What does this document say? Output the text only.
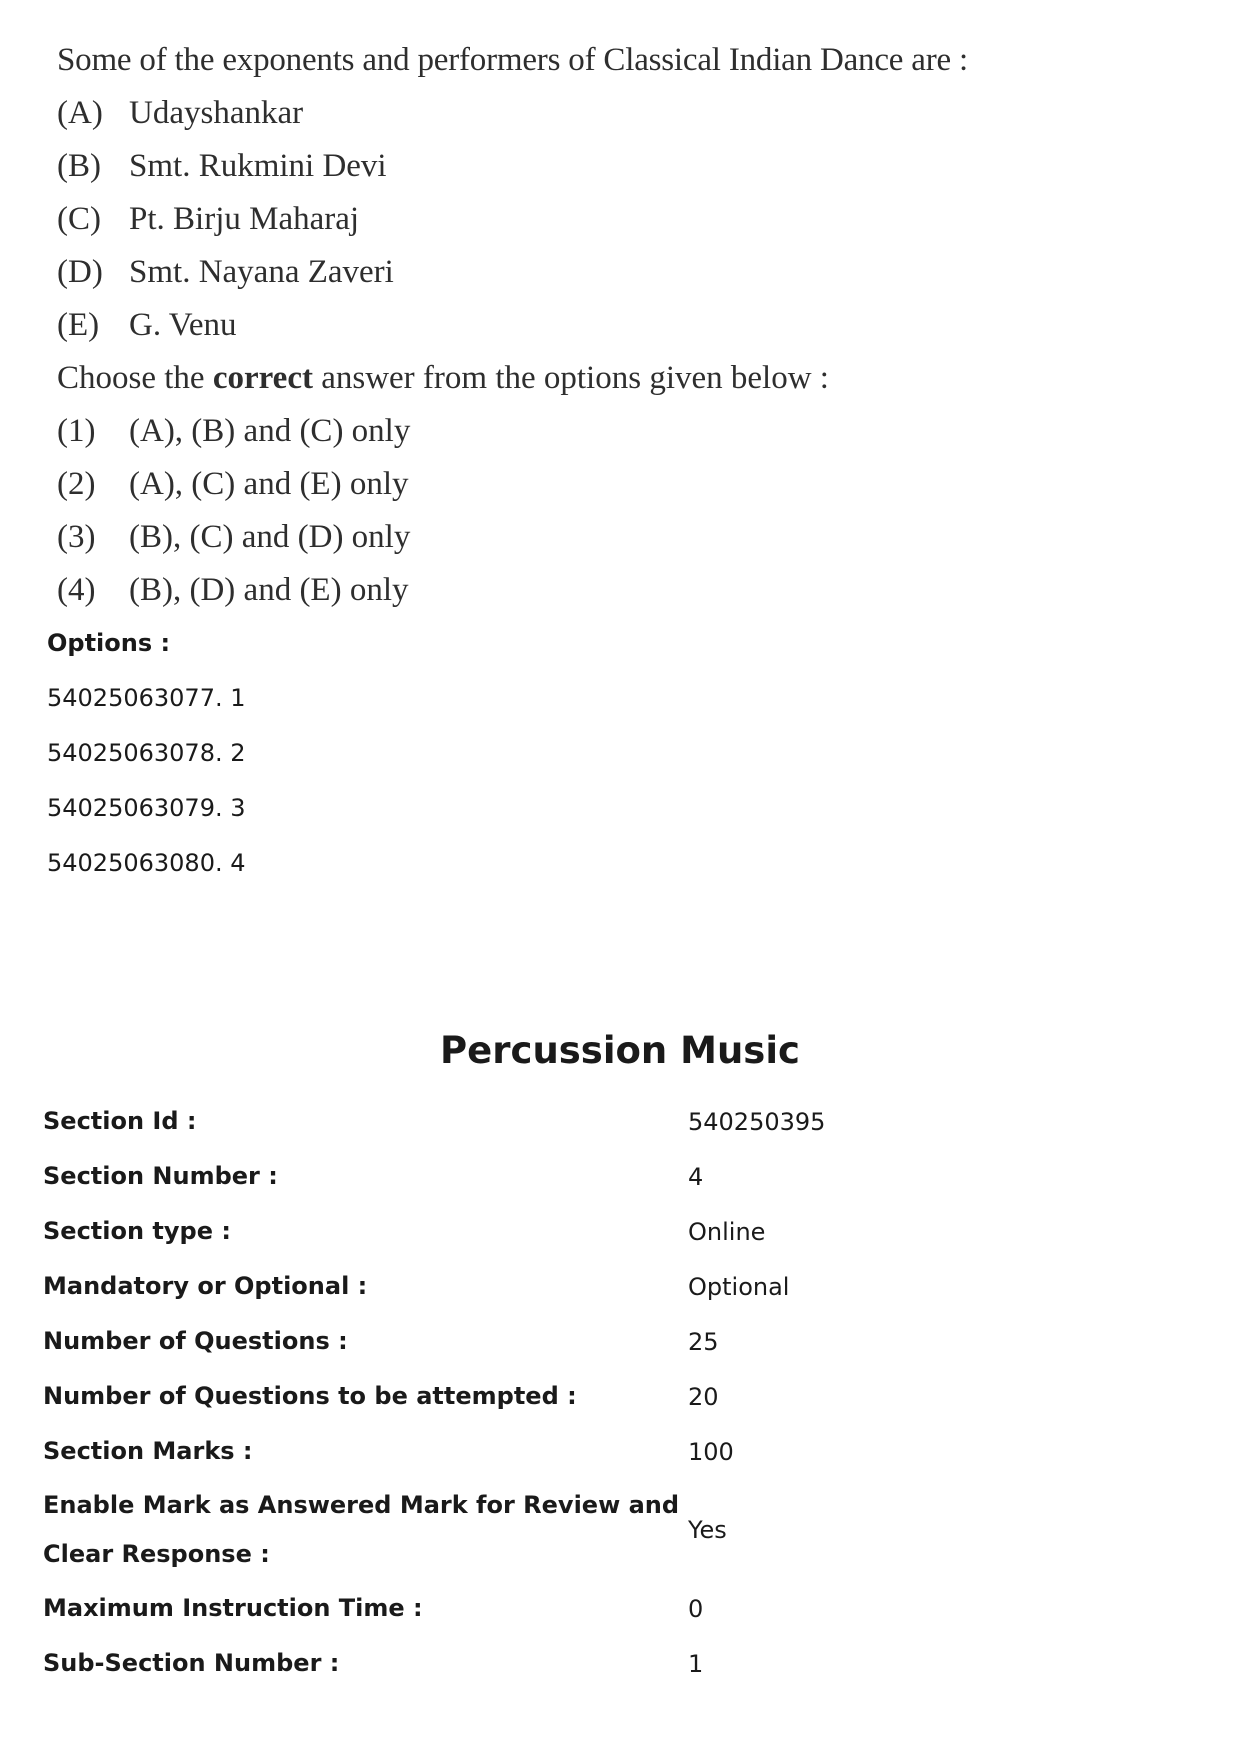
Some of the exponents and performers of Classical Indian Dance are :
(A) Udayshankar
(B) Smt. Rukmini Devi
(C) Pt. Birju Maharaj
(D) Smt. Nayana Zaveri
(E) G. Venu
Choose the correct answer from the options given below :
(1)	(A), (B) and (C) only
(2)	(A), (C) and (E) only
(3)	(B), (C) and (D) only
(4)	(B), (D) and (E) only
Options :
54025063077. 1
54025063078. 2
54025063079. 3
54025063080. 4
Percussion Music
Section Id :	540250395
Section Number :	4
Section type :	Online
Mandatory or Optional :	Optional
Number of Questions :	25
Number of Questions to be attempted :	20
Section Marks :	100
Enable Mark as Answered Mark for Review and Clear Response :
Yes
Maximum Instruction Time :	0
Sub-Section Number :	1
